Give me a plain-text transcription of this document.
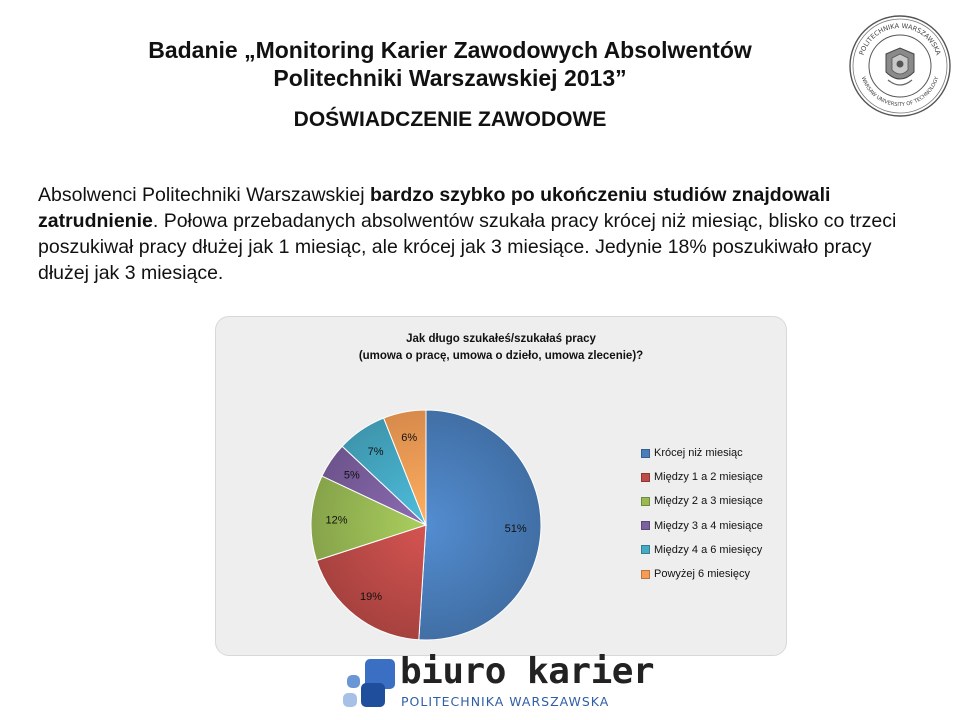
Badanie „Monitoring Karier Zawodowych Absolwentów
Politechniki Warszawskiej 2013”
DOŚWIADCZENIE ZAWODOWE
POLITECHNIKA WARSZAWSKA
WARSAW UNIVERSITY OF TECHNOLOGY
Absolwenci Politechniki Warszawskiej bardzo szybko po ukończeniu studiów znajdowali zatrudnienie. Połowa przebadanych absolwentów szukała pracy krócej niż miesiąc, blisko co trzeci poszukiwał pracy dłużej jak 1 miesiąc, ale krócej jak 3 miesiące. Jedynie 18% poszukiwało pracy dłużej jak 3 miesiące.
Jak długo szukałeś/szukałaś pracy
(umowa o pracę, umowa o dzieło, umowa zlecenie)?
51%
19%
12%
5%
7%
6%
Krócej niż miesiąc
Między 1 a 2 miesiące
Między 2 a 3 miesiące
Między 3 a 4 miesiące
Między 4 a 6 miesięcy
Powyżej 6 miesięcy
biuro karier
POLITECHNIKA WARSZAWSKA
